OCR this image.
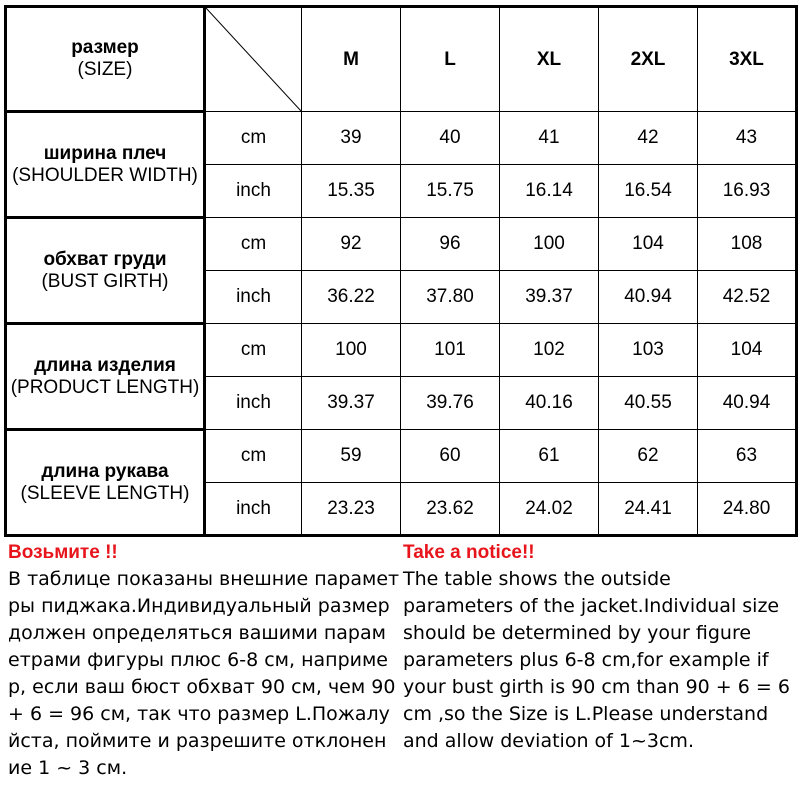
размер
(SIZE)		M	L	XL	2XL	3XL

ширина плеч
(SHOULDER WIDTH)	cm	39	40	41	42	43
	inch	15.35	15.75	16.14	16.54	16.93

обхват груди
(BUST GIRTH)	cm	92	96	100	104	108
	inch	36.22	37.80	39.37	40.94	42.52

длина изделия
(PRODUCT LENGTH)	cm	100	101	102	103	104
	inch	39.37	39.76	40.16	40.55	40.94

длина рукава
(SLEEVE LENGTH)	cm	59	60	61	62	63
	inch	23.23	23.62	24.02	24.41	24.80
Возьмите !!

В таблице показаны внешние парамет
ры пиджака.Индивидуальный размер
должен определяться вашими парам
етрами фигуры плюс 6-8 см, наприме
р, если ваш бюст обхват 90 см, чем 90
+ 6 = 96 см, так что размер L.Пожалу
йста, поймите и разрешите отклонен
ие 1 ~ 3 см.

Take a notice!!

The table shows the outside
parameters of the jacket.Individual size
should be determined by your figure
parameters plus 6-8 cm,for example if
your bust girth is 90 cm than 90 + 6 = 6
cm ,so the Size is L.Please understand
and allow deviation of 1~3cm.
